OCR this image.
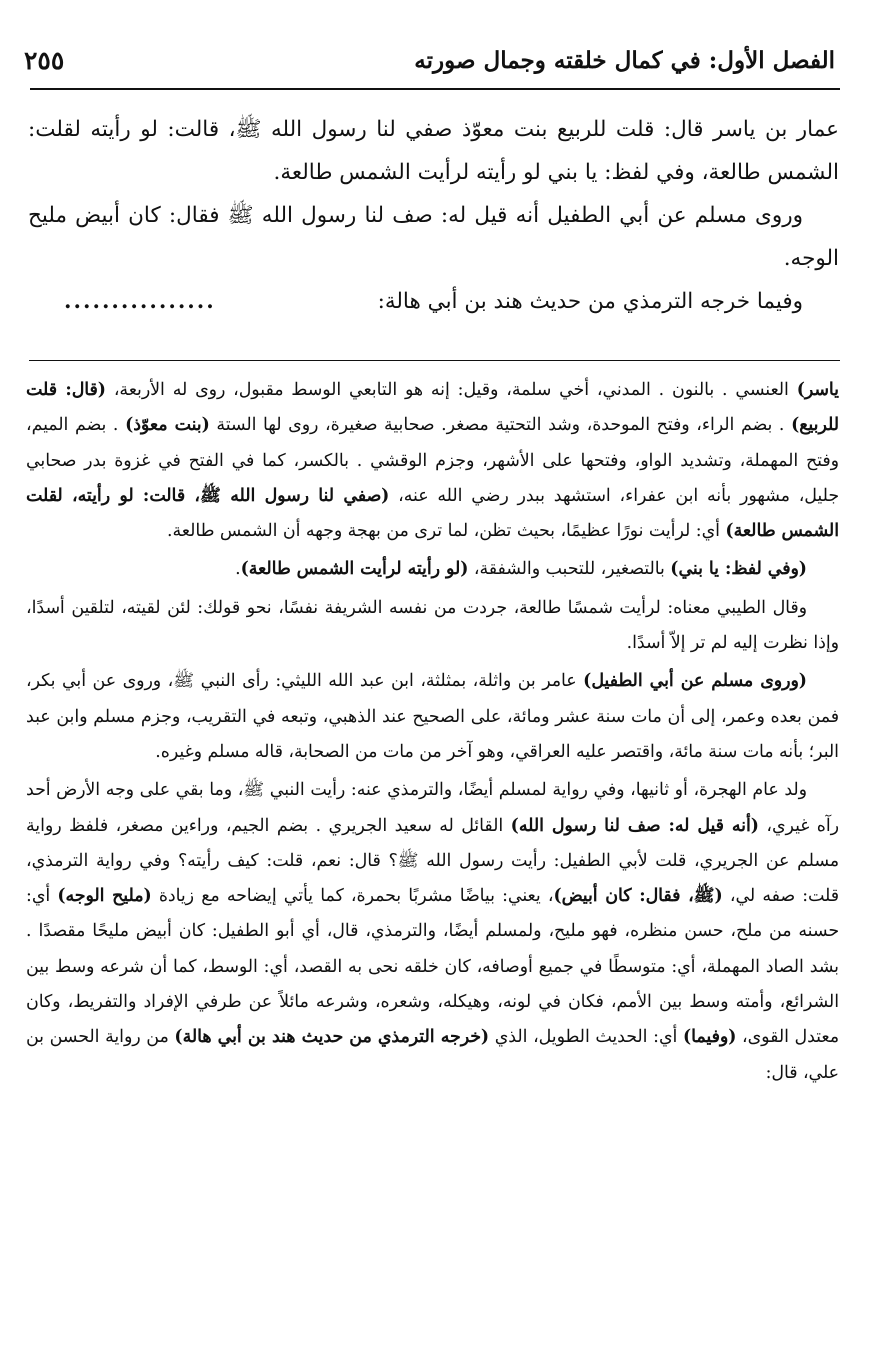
الفصل الأول: في كمال خلقته وجمال صورته
٢٥٥

عمار بن ياسر قال: قلت للربيع بنت معوّذ صفي لنا رسول الله ﷺ، قالت: لو رأيته لقلت: الشمس طالعة، وفي لفظ: يا بني لو رأيته لرأيت الشمس طالعة.

وروى مسلم عن أبي الطفيل أنه قيل له: صف لنا رسول الله ﷺ فقال: كان أبيض مليح الوجه.

وفيما خرجه الترمذي من حديث هند بن أبي هالة:
................

ياسر) العنسي . بالنون . المدني، أخي سلمة، وقيل: إنه هو التابعي الوسط مقبول، روى له الأربعة، (قال: قلت للربيع) . بضم الراء، وفتح الموحدة، وشد التحتية مصغر. صحابية صغيرة، روى لها الستة (بنت معوّذ) . بضم الميم، وفتح المهملة، وتشديد الواو، وفتحها على الأشهر، وجزم الوقشي . بالكسر، كما في الفتح في غزوة بدر صحابي جليل، مشهور بأنه ابن عفراء، استشهد ببدر رضي الله عنه، (صفي لنا رسول الله ﷺ، قالت: لو رأيته، لقلت الشمس طالعة) أي: لرأيت نورًا عظيمًا، بحيث تظن، لما ترى من بهجة وجهه أن الشمس طالعة.

(وفي لفظ: يا بني) بالتصغير، للتحبب والشفقة، (لو رأيته لرأيت الشمس طالعة).

وقال الطيبي معناه: لرأيت شمسًا طالعة، جردت من نفسه الشريفة نفسًا، نحو قولك: لئن لقيته، لتلقين أسدًا، وإذا نظرت إليه لم تر إلاّ أسدًا.

(وروى مسلم عن أبي الطفيل) عامر بن واثلة، بمثلثة، ابن عبد الله الليثي: رأى النبي ﷺ، وروى عن أبي بكر، فمن بعده وعمر، إلى أن مات سنة عشر ومائة، على الصحيح عند الذهبي، وتبعه في التقريب، وجزم مسلم وابن عبد البر؛ بأنه مات سنة مائة، واقتصر عليه العراقي، وهو آخر من مات من الصحابة، قاله مسلم وغيره.

ولد عام الهجرة، أو ثانيها، وفي رواية لمسلم أيضًا، والترمذي عنه: رأيت النبي ﷺ، وما بقي على وجه الأرض أحد رآه غيري، (أنه قيل له: صف لنا رسول الله) القائل له سعيد الجريري . بضم الجيم، وراءين مصغر، فلفظ رواية مسلم عن الجريري، قلت لأبي الطفيل: رأيت رسول الله ﷺ؟ قال: نعم، قلت: كيف رأيته؟ وفي رواية الترمذي، قلت: صفه لي، (ﷺ، فقال: كان أبيض)، يعني: بياضًا مشربًا بحمرة، كما يأتي إيضاحه مع زيادة (مليح الوجه) أي: حسنه من ملح، حسن منظره، فهو مليح، ولمسلم أيضًا، والترمذي، قال، أي أبو الطفيل: كان أبيض مليحًا مقصدًا . بشد الصاد المهملة، أي: متوسطًا في جميع أوصافه، كان خلقه نحى به القصد، أي: الوسط، كما أن شرعه وسط بين الشرائع، وأمته وسط بين الأمم، فكان في لونه، وهيكله، وشعره، وشرعه مائلاً عن طرفي الإفراد والتفريط، وكان معتدل القوى، (وفيما) أي: الحديث الطويل، الذي (خرجه الترمذي من حديث هند بن أبي هالة) من رواية الحسن بن علي، قال:
